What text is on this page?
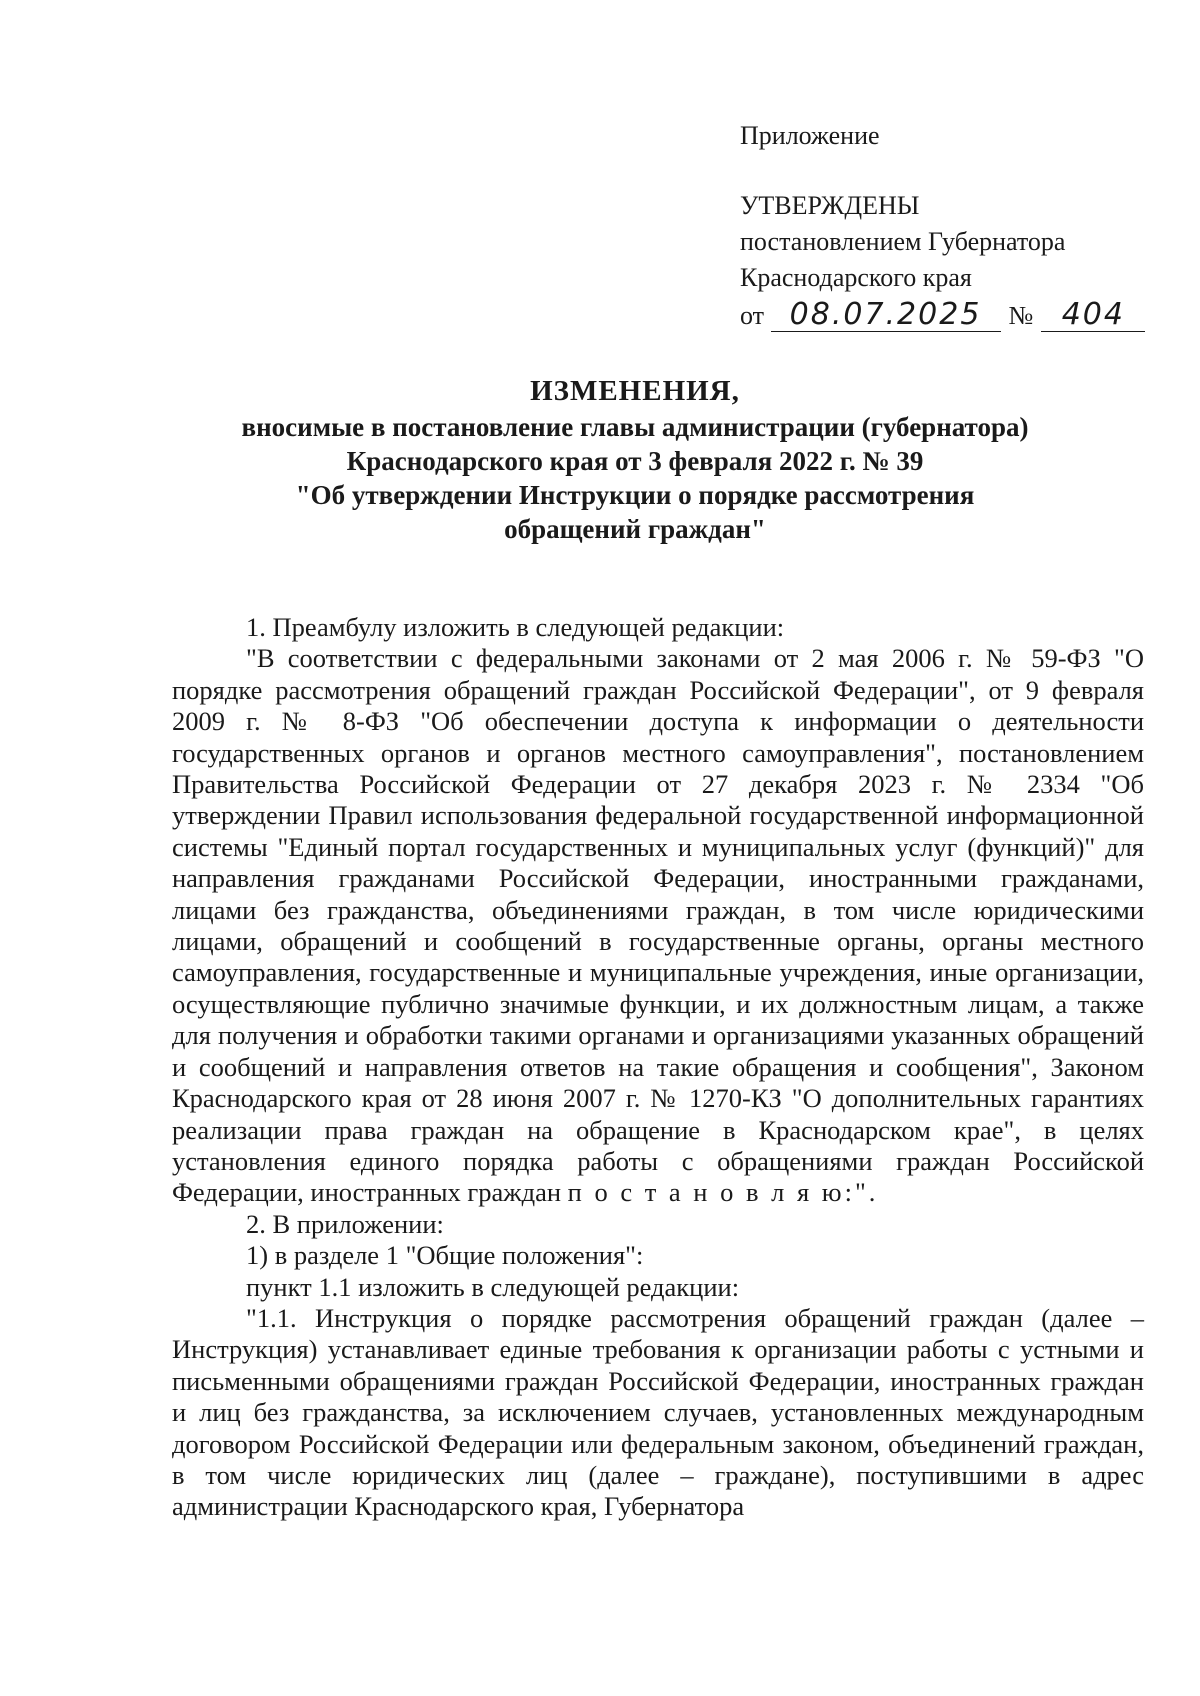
Приложение
УТВЕРЖДЕНЫ
постановлением Губернатора
Краснодарского края
от 08.07.2025 № 404
ИЗМЕНЕНИЯ,
вносимые в постановление главы администрации (губернатора)
Краснодарского края от 3 февраля 2022 г. № 39
"Об утверждении Инструкции о порядке рассмотрения
обращений граждан"

1. Преамбулу изложить в следующей редакции:

"В соответствии с федеральными законами от 2 мая 2006 г. № 59-ФЗ "О порядке рассмотрения обращений граждан Российской Федерации", от 9 февраля 2009 г. № 8-ФЗ "Об обеспечении доступа к информации о деятельности государственных органов и органов местного самоуправления", постановлением Правительства Российской Федерации от 27 декабря 2023 г. № 2334 "Об утверждении Правил использования федеральной государственной информационной системы "Единый портал государственных и муниципальных услуг (функций)" для направления гражданами Российской Федерации, иностранными гражданами, лицами без гражданства, объединениями граждан, в том числе юридическими лицами, обращений и сообщений в государственные органы, органы местного самоуправления, государственные и муниципальные учреждения, иные организации, осуществляющие публично значимые функции, и их должностным лицам, а также для получения и обработки такими органами и организациями указанных обращений и сообщений и направления ответов на такие обращения и сообщения", Законом Краснодарского края от 28 июня 2007 г. № 1270-КЗ "О дополнительных гарантиях реализации права граждан на обращение в Краснодарском крае", в целях установления единого порядка работы с обращениями граждан Российской Федерации, иностранных граждан п о с т а н о в л я ю:".

2. В приложении:

1) в разделе 1 "Общие положения":

пункт 1.1 изложить в следующей редакции:

"1.1. Инструкция о порядке рассмотрения обращений граждан (далее – Инструкция) устанавливает единые требования к организации работы с устными и письменными обращениями граждан Российской Федерации, иностранных граждан и лиц без гражданства, за исключением случаев, установленных международным договором Российской Федерации или федеральным законом, объединений граждан, в том числе юридических лиц (далее – граждане), поступившими в адрес администрации Краснодарского края, Губернатора
